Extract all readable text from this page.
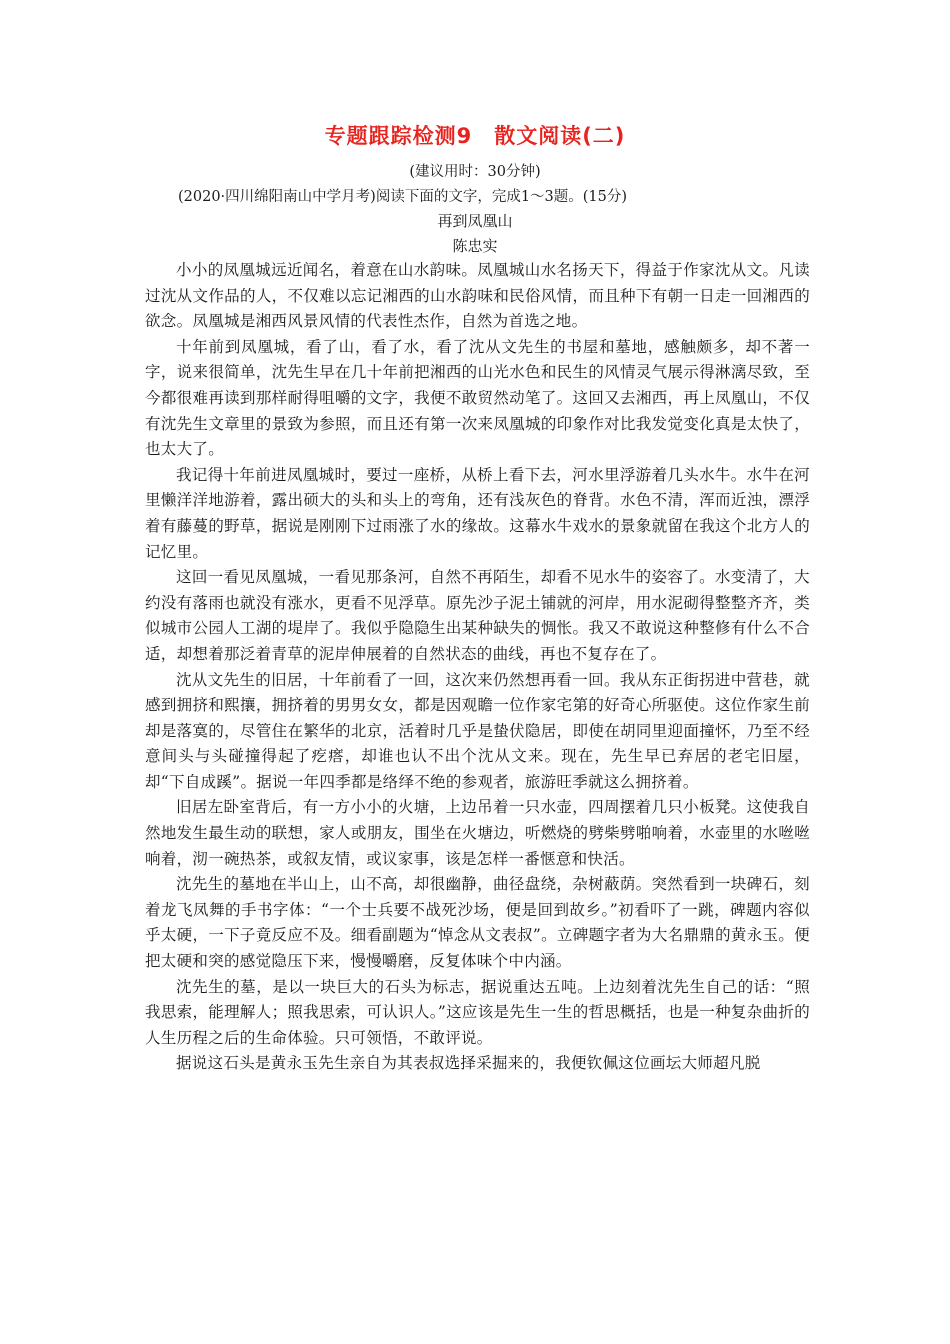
专题跟踪检测9　散文阅读(二)

(建议用时：30分钟)

(2020·四川绵阳南山中学月考)阅读下面的文字，完成1～3题。(15分)

再到凤凰山

陈忠实

小小的凤凰城远近闻名，着意在山水韵味。凤凰城山水名扬天下，得益于作家沈从文。凡读过沈从文作品的人，不仅难以忘记湘西的山水韵味和民俗风情，而且种下有朝一日走一回湘西的欲念。凤凰城是湘西风景风情的代表性杰作，自然为首选之地。

十年前到凤凰城，看了山，看了水，看了沈从文先生的书屋和墓地，感触颇多，却不著一字，说来很简单，沈先生早在几十年前把湘西的山光水色和民生的风情灵气展示得淋漓尽致，至今都很难再读到那样耐得咀嚼的文字，我便不敢贸然动笔了。这回又去湘西，再上凤凰山，不仅有沈先生文章里的景致为参照，而且还有第一次来凤凰城的印象作对比我发觉变化真是太快了，也太大了。

我记得十年前进凤凰城时，要过一座桥，从桥上看下去，河水里浮游着几头水牛。水牛在河里懒洋洋地游着，露出硕大的头和头上的弯角，还有浅灰色的脊背。水色不清，浑而近浊，漂浮着有藤蔓的野草，据说是刚刚下过雨涨了水的缘故。这幕水牛戏水的景象就留在我这个北方人的记忆里。

这回一看见凤凰城，一看见那条河，自然不再陌生，却看不见水牛的姿容了。水变清了，大约没有落雨也就没有涨水，更看不见浮草。原先沙子泥土铺就的河岸，用水泥砌得整整齐齐，类似城市公园人工湖的堤岸了。我似乎隐隐生出某种缺失的惆怅。我又不敢说这种整修有什么不合适，却想着那泛着青草的泥岸伸展着的自然状态的曲线，再也不复存在了。

沈从文先生的旧居，十年前看了一回，这次来仍然想再看一回。我从东正街拐进中营巷，就感到拥挤和熙攘，拥挤着的男男女女，都是因观瞻一位作家宅第的好奇心所驱使。这位作家生前却是落寞的，尽管住在繁华的北京，活着时几乎是蛰伏隐居，即使在胡同里迎面撞怀，乃至不经意间头与头碰撞得起了疙瘩，却谁也认不出个沈从文来。现在，先生早已弃居的老宅旧屋，却“下自成蹊”。据说一年四季都是络绎不绝的参观者，旅游旺季就这么拥挤着。

旧居左卧室背后，有一方小小的火塘，上边吊着一只水壶，四周摆着几只小板凳。这使我自然地发生最生动的联想，家人或朋友，围坐在火塘边，听燃烧的劈柴劈啪响着，水壶里的水咝咝响着，沏一碗热茶，或叙友情，或议家事，该是怎样一番惬意和快活。

沈先生的墓地在半山上，山不高，却很幽静，曲径盘绕，杂树蔽荫。突然看到一块碑石，刻着龙飞凤舞的手书字体：“一个士兵要不战死沙场，便是回到故乡。”初看吓了一跳，碑题内容似乎太硬，一下子竟反应不及。细看副题为“悼念从文表叔”。立碑题字者为大名鼎鼎的黄永玉。便把太硬和突的感觉隐压下来，慢慢嚼磨，反复体味个中内涵。

沈先生的墓，是以一块巨大的石头为标志，据说重达五吨。上边刻着沈先生自己的话：“照我思索，能理解人；照我思索，可认识人。”这应该是先生一生的哲思概括，也是一种复杂曲折的人生历程之后的生命体验。只可领悟，不敢评说。

据说这石头是黄永玉先生亲自为其表叔选择采掘来的，我便钦佩这位画坛大师超凡脱
